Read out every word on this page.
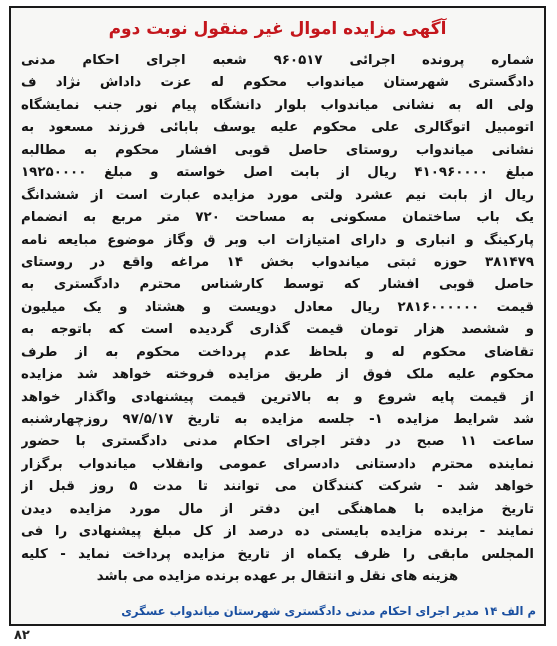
آگهی مزایده اموال غیر منقول نوبت دوم
شماره پرونده اجرائی ۹۶۰۵۱۷ شعبه اجرای احکام مدنی
دادگستری شهرستان میاندواب محکوم له عزت داداش نژاد ف
ولی اله به نشانی میاندواب بلوار دانشگاه پیام نور جنب نمایشگاه
اتومبیل اتوگالری علی محکوم علیه یوسف بابائی فرزند مسعود به
نشانی میاندواب روستای حاصل قوبی افشار محکوم به مطالبه
مبلغ ۴۱۰۹۶۰۰۰۰ ریال از بابت اصل خواسته و مبلغ ۱۹۲۵۰۰۰۰
ریال از بابت نیم عشرد ولتی مورد مزایده عبارت است از ششدانگ
یک باب ساختمان مسکونی به مساحت ۷۲۰ متر مربع به انضمام
پارکینگ و انباری و دارای امتیازات اب وبر ق وگاز موضوع مبایعه نامه
۳۸۱۴۷۹ حوزه ثبتی میاندواب بخش ۱۴ مراغه واقع در روستای
حاصل قوبی افشار که توسط کارشناس محترم دادگستری به
قیمت ۲۸۱۶۰۰۰۰۰۰ ریال معادل دویست و هشتاد و یک میلیون
و ششصد هزار تومان قیمت گذاری گردیده است که باتوجه به
تقاضای محکوم له و بلحاظ عدم پرداخت محکوم به از طرف
محکوم علیه ملک فوق از طریق مزایده فروخته خواهد شد مزایده
از قیمت پایه شروع و به بالاترین قیمت پیشنهادی واگذار خواهد
شد شرایط مزایده ۱- جلسه مزایده به تاریخ ۹۷/۵/۱۷ روزچهارشنبه
ساعت ۱۱ صبح در دفتر اجرای احکام مدنی دادگستری با حضور
نماینده محترم دادستانی دادسرای عمومی وانقلاب میاندواب برگزار
خواهد شد - شرکت کنندگان می توانند تا مدت ۵ روز قبل از
تاریخ مزایده با هماهنگی این دفتر از مال مورد مزایده دیدن
نمایند - برنده مزایده بایستی ده درصد از کل مبلغ پیشنهادی را فی
المجلس مابقی را ظرف یکماه از تاریخ مزایده پرداخت نماید - کلیه
هزینه های نقل و انتقال بر عهده برنده مزایده می باشد
م الف ۱۴ مدیر اجرای احکام مدنی دادگستری شهرستان میاندواب عسگری
۸۲
